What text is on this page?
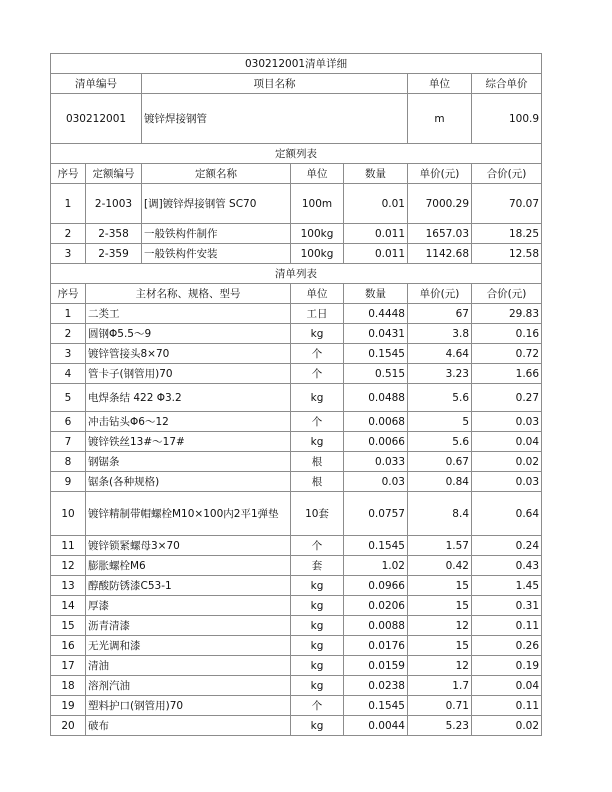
030212001清单详细						
清单编号		项目名称			单位	综合单价
030212001		镀锌焊接钢管			m	100.9
定额列表						
序号	定额编号	定额名称	单位	数量	单价(元)	合价(元)
1	2-1003	[调]镀锌焊接钢管 SC70	100m	0.01	7000.29	70.07
2	2-358	一般铁构件制作	100kg	0.011	1657.03	18.25
3	2-359	一般铁构件安装	100kg	0.011	1142.68	12.58
清单列表						
序号	主材名称、规格、型号		单位	数量	单价(元)	合价(元)
1	二类工		工日	0.4448	67	29.83
2	圆钢Φ5.5～9		kg	0.0431	3.8	0.16
3	镀锌管接头8×70		个	0.1545	4.64	0.72
4	管卡子(钢管用)70		个	0.515	3.23	1.66
5	电焊条结 422 Φ3.2		kg	0.0488	5.6	0.27
6	冲击钻头Φ6～12		个	0.0068	5	0.03
7	镀锌铁丝13#～17#		kg	0.0066	5.6	0.04
8	钢锯条		根	0.033	0.67	0.02
9	锯条(各种规格)		根	0.03	0.84	0.03
10	镀锌精制带帽螺栓M10×100内2平1弹垫		10套	0.0757	8.4	0.64
11	镀锌锁紧螺母3×70		个	0.1545	1.57	0.24
12	膨胀螺栓M6		套	1.02	0.42	0.43
13	醇酸防锈漆C53-1		kg	0.0966	15	1.45
14	厚漆		kg	0.0206	15	0.31
15	沥青清漆		kg	0.0088	12	0.11
16	无光调和漆		kg	0.0176	15	0.26
17	清油		kg	0.0159	12	0.19
18	溶剂汽油		kg	0.0238	1.7	0.04
19	塑料护口(钢管用)70		个	0.1545	0.71	0.11
20	破布		kg	0.0044	5.23	0.02
